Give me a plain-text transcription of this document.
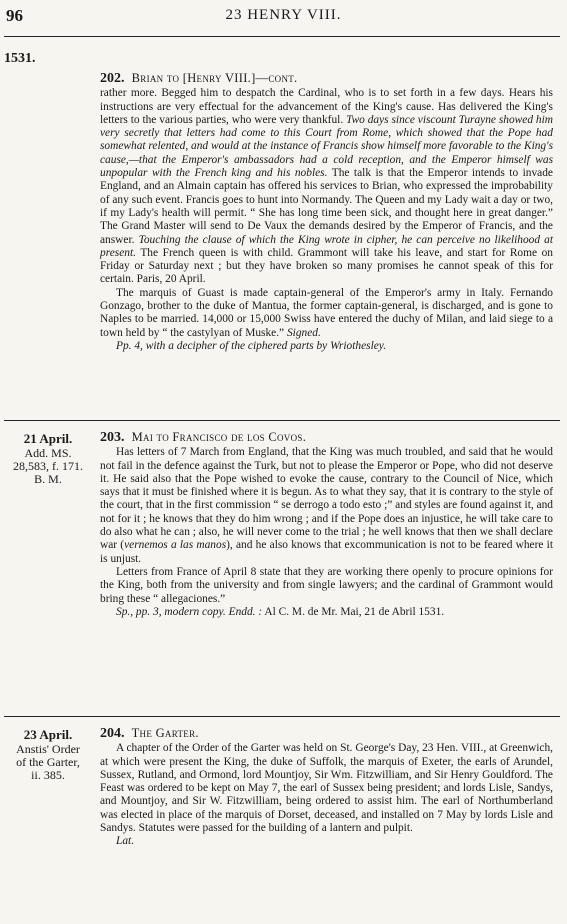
96	23 HENRY VIII.
1531.

202. Brian to [Henry VIII.]—cont.

rather more. Begged him to despatch the Cardinal, who is to set forth in a few days. Hears his instructions are very effectual for the advancement of the King's cause. Has delivered the King's letters to the various parties, who were very thankful. Two days since viscount Turayne showed him very secretly that letters had come to this Court from Rome, which showed that the Pope had somewhat relented, and would at the instance of Francis show himself more favorable to the King's cause,—that the Emperor's ambassadors had a cold reception, and the Emperor himself was unpopular with the French king and his nobles. The talk is that the Emperor intends to invade England, and an Almain captain has offered his services to Brian, who expressed the improbability of any such event. Francis goes to hunt into Normandy. The Queen and my Lady wait a day or two, if my Lady's health will permit. “ She has long time been sick, and thought here in great danger.” The Grand Master will send to De Vaux the demands desired by the Emperor of Francis, and the answer. Touching the clause of which the King wrote in cipher, he can perceive no likelihood at present. The French queen is with child. Grammont will take his leave, and start for Rome on Friday or Saturday next ; but they have broken so many promises he cannot speak of this for certain. Paris, 20 April.

The marquis of Guast is made captain-general of the Emperor's army in Italy. Fernando Gonzago, brother to the duke of Mantua, the former captain-general, is discharged, and is gone to Naples to be married. 14,000 or 15,000 Swiss have entered the duchy of Milan, and laid siege to a town held by “ the castylyan of Muske.” Signed.

Pp. 4, with a decipher of the ciphered parts by Wriothesley.

21 April.
Add. MS.
28,583, f. 171.
B. M.

203. Mai to Francisco de los Covos.

Has letters of 7 March from England, that the King was much troubled, and said that he would not fail in the defence against the Turk, but not to please the Emperor or Pope, who did not deserve it. He said also that the Pope wished to evoke the cause, contrary to the Council of Nice, which says that it must be finished where it is begun. As to what they say, that it is contrary to the style of the court, that in the first commission “ se derrogo a todo esto ;” and styles are found against it, and not for it ; he knows that they do him wrong ; and if the Pope does an injustice, he will take care to do also what he can ; also, he will never come to the trial ; he well knows that then we shall declare war (vernemos a las manos), and he also knows that excommunication is not to be feared where it is unjust.

Letters from France of April 8 state that they are working there openly to procure opinions for the King, both from the university and from single lawyers; and the cardinal of Grammont would bring these “ allegaciones.”

Sp., pp. 3, modern copy. Endd. : Al C. M. de Mr. Mai, 21 de Abril 1531.

23 April.
Anstis' Order
of the Garter,
ii. 385.

204. The Garter.

A chapter of the Order of the Garter was held on St. George's Day, 23 Hen. VIII., at Greenwich, at which were present the King, the duke of Suffolk, the marquis of Exeter, the earls of Arundel, Sussex, Rutland, and Ormond, lord Mountjoy, Sir Wm. Fitzwilliam, and Sir Henry Gouldford. The Feast was ordered to be kept on May 7, the earl of Sussex being president; and lords Lisle, Sandys, and Mountjoy, and Sir W. Fitzwilliam, being ordered to assist him. The earl of Northumberland was elected in place of the marquis of Dorset, deceased, and installed on 7 May by lords Lisle and Sandys. Statutes were passed for the building of a lantern and pulpit.

Lat.
